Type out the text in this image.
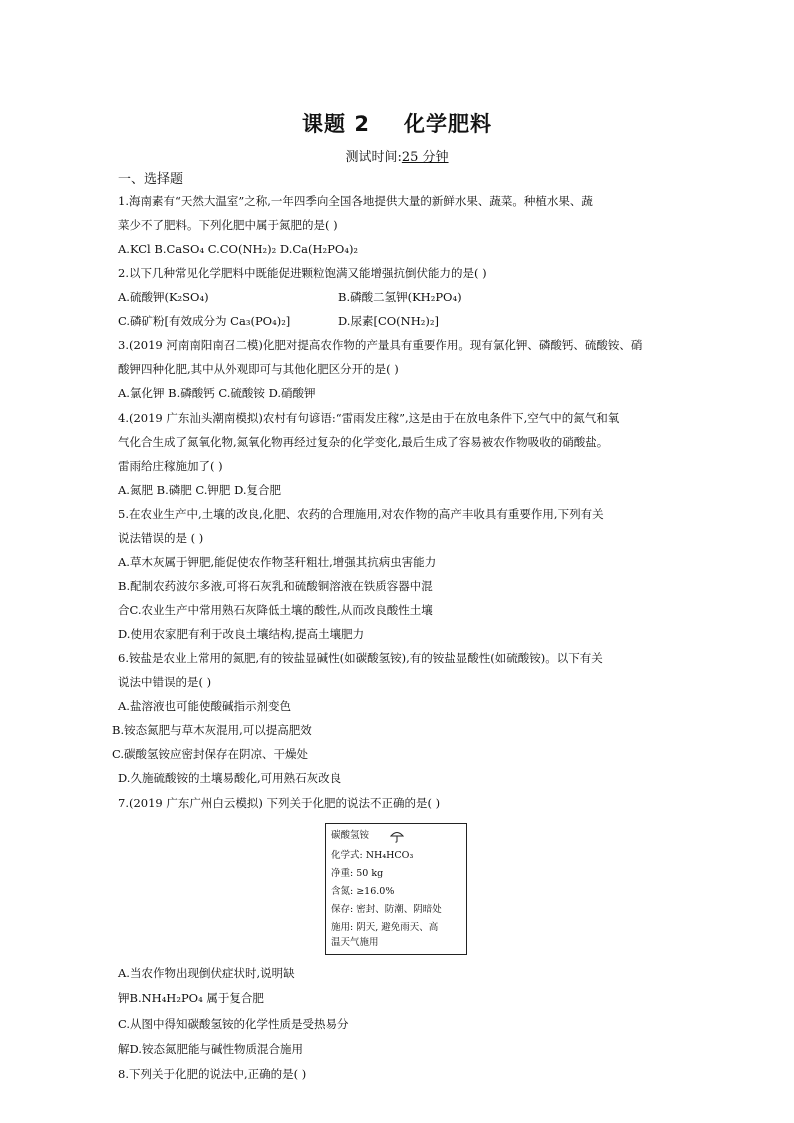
课题 2 化学肥料
测试时间:25 分钟
一、选择题
1.海南素有“天然大温室”之称,一年四季向全国各地提供大量的新鲜水果、蔬菜。种植水果、蔬
菜少不了肥料。下列化肥中属于氮肥的是( )
A.KCl B.CaSO₄ C.CO(NH₂)₂ D.Ca(H₂PO₄)₂
2.以下几种常见化学肥料中既能促进颗粒饱满又能增强抗倒伏能力的是( )
A.硫酸钾(K₂SO₄)	B.磷酸二氢钾(KH₂PO₄)
C.磷矿粉[有效成分为 Ca₃(PO₄)₂]	D.尿素[CO(NH₂)₂]
3.(2019 河南南阳南召二模)化肥对提高农作物的产量具有重要作用。现有氯化钾、磷酸钙、硫酸铵、硝
酸钾四种化肥,其中从外观即可与其他化肥区分开的是( )
A.氯化钾 B.磷酸钙 C.硫酸铵 D.硝酸钾
4.(2019 广东汕头潮南模拟)农村有句谚语:“雷雨发庄稼”,这是由于在放电条件下,空气中的氮气和氧
气化合生成了氮氧化物,氮氧化物再经过复杂的化学变化,最后生成了容易被农作物吸收的硝酸盐。
雷雨给庄稼施加了( )
A.氮肥 B.磷肥 C.钾肥 D.复合肥
5.在农业生产中,土壤的改良,化肥、农药的合理施用,对农作物的高产丰收具有重要作用,下列有关
说法错误的是 ( )
A.草木灰属于钾肥,能促使农作物茎秆粗壮,增强其抗病虫害能力
B.配制农药波尔多液,可将石灰乳和硫酸铜溶液在铁质容器中混
合C.农业生产中常用熟石灰降低土壤的酸性,从而改良酸性土壤
D.使用农家肥有利于改良土壤结构,提高土壤肥力
6.铵盐是农业上常用的氮肥,有的铵盐显碱性(如碳酸氢铵),有的铵盐显酸性(如硫酸铵)。以下有关
说法中错误的是( )
A.盐溶液也可能使酸碱指示剂变色
B.铵态氮肥与草木灰混用,可以提高肥效
C.碳酸氢铵应密封保存在阴凉、干燥处
D.久施硫酸铵的土壤易酸化,可用熟石灰改良
7.(2019 广东广州白云模拟) 下列关于化肥的说法不正确的是( )
碳酸氢铵
化学式: NH₄HCO₃
净重: 50 kg
含氮: ≥16.0%
保存: 密封、防潮、阴暗处
施用: 阴天, 避免雨天、高
温天气施用
A.当农作物出现倒伏症状时,说明缺
钾B.NH₄H₂PO₄ 属于复合肥
C.从图中得知碳酸氢铵的化学性质是受热易分
解D.铵态氮肥能与碱性物质混合施用
8.下列关于化肥的说法中,正确的是( )
